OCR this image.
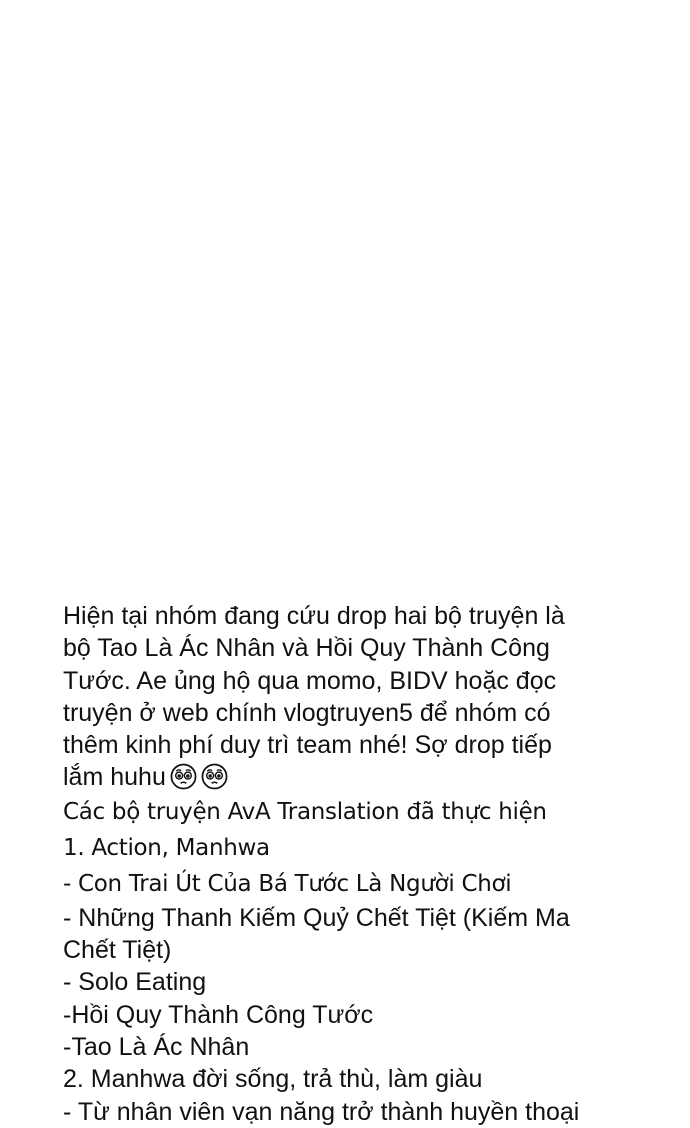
Hiện tại nhóm đang cứu drop hai bộ truyện là
bộ Tao Là Ác Nhân và Hồi Quy Thành Công
Tước. Ae ủng hộ qua momo, BIDV hoặc đọc
truyện ở web chính vlogtruyen5 để nhóm có
thêm kinh phí duy trì team nhé! Sợ drop tiếp
lắm huhu
Các bộ truyện AvA Translation đã thực hiện
1. Action, Manhwa
- Con Trai Út Của Bá Tước Là Người Chơi
- Những Thanh Kiếm Quỷ Chết Tiệt (Kiếm Ma
Chết Tiệt)
- Solo Eating
-Hồi Quy Thành Công Tước
-Tao Là Ác Nhân
2. Manhwa đời sống, trả thù, làm giàu
- Từ nhân viên vạn năng trở thành huyền thoại
